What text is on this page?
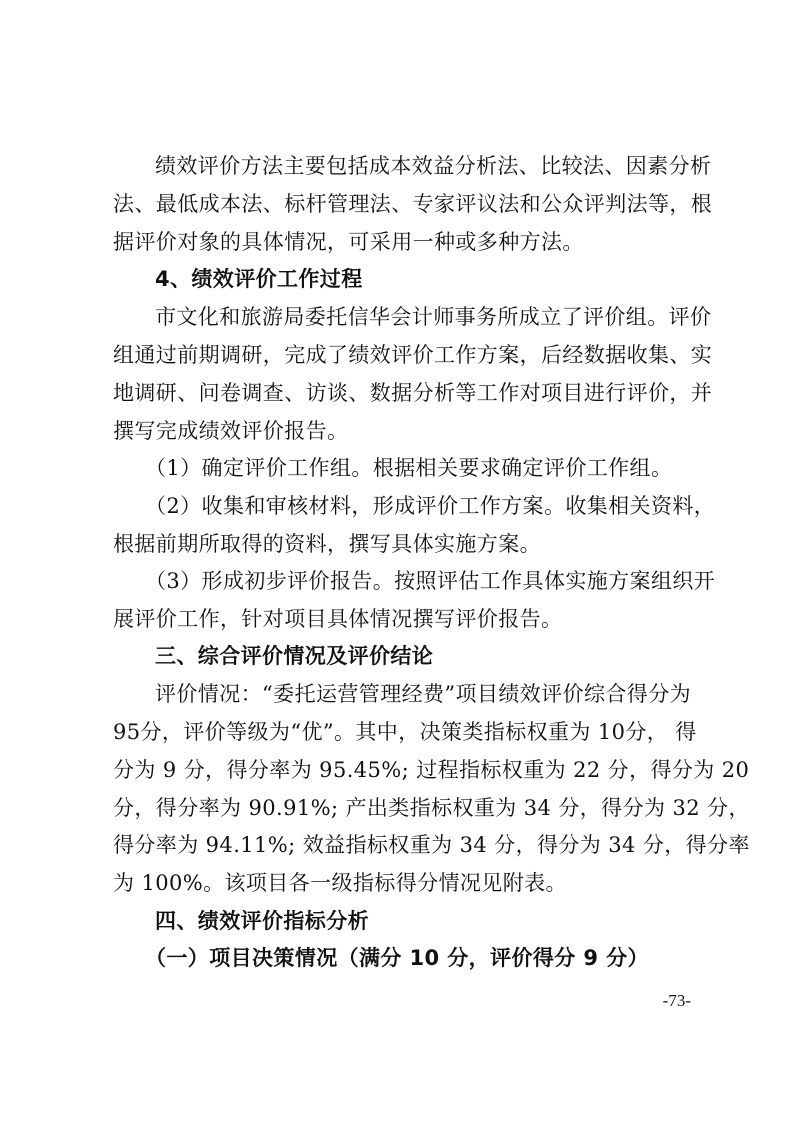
绩效评价方法主要包括成本效益分析法、比较法、因素分析
法、最低成本法、标杆管理法、专家评议法和公众评判法等，根
据评价对象的具体情况，可采用一种或多种方法。
4、绩效评价工作过程
市文化和旅游局委托信华会计师事务所成立了评价组。评价
组通过前期调研，完成了绩效评价工作方案，后经数据收集、实
地调研、问卷调查、访谈、数据分析等工作对项目进行评价，并
撰写完成绩效评价报告。
（1）确定评价工作组。根据相关要求确定评价工作组。
（2）收集和审核材料，形成评价工作方案。收集相关资料，
根据前期所取得的资料，撰写具体实施方案。
（3）形成初步评价报告。按照评估工作具体实施方案组织开
展评价工作，针对项目具体情况撰写评价报告。
三、综合评价情况及评价结论
评价情况：“委托运营管理经费”项目绩效评价综合得分为
95分，评价等级为“优”。其中，决策类指标权重为 10分， 得
分为 9 分，得分率为 95.45%; 过程指标权重为 22 分，得分为 20
分，得分率为 90.91%; 产出类指标权重为 34 分，得分为 32 分，
得分率为 94.11%; 效益指标权重为 34 分，得分为 34 分，得分率
为 100%。该项目各一级指标得分情况见附表。
四、绩效评价指标分析
（一）项目决策情况（满分 10 分，评价得分 9 分）
-73-
